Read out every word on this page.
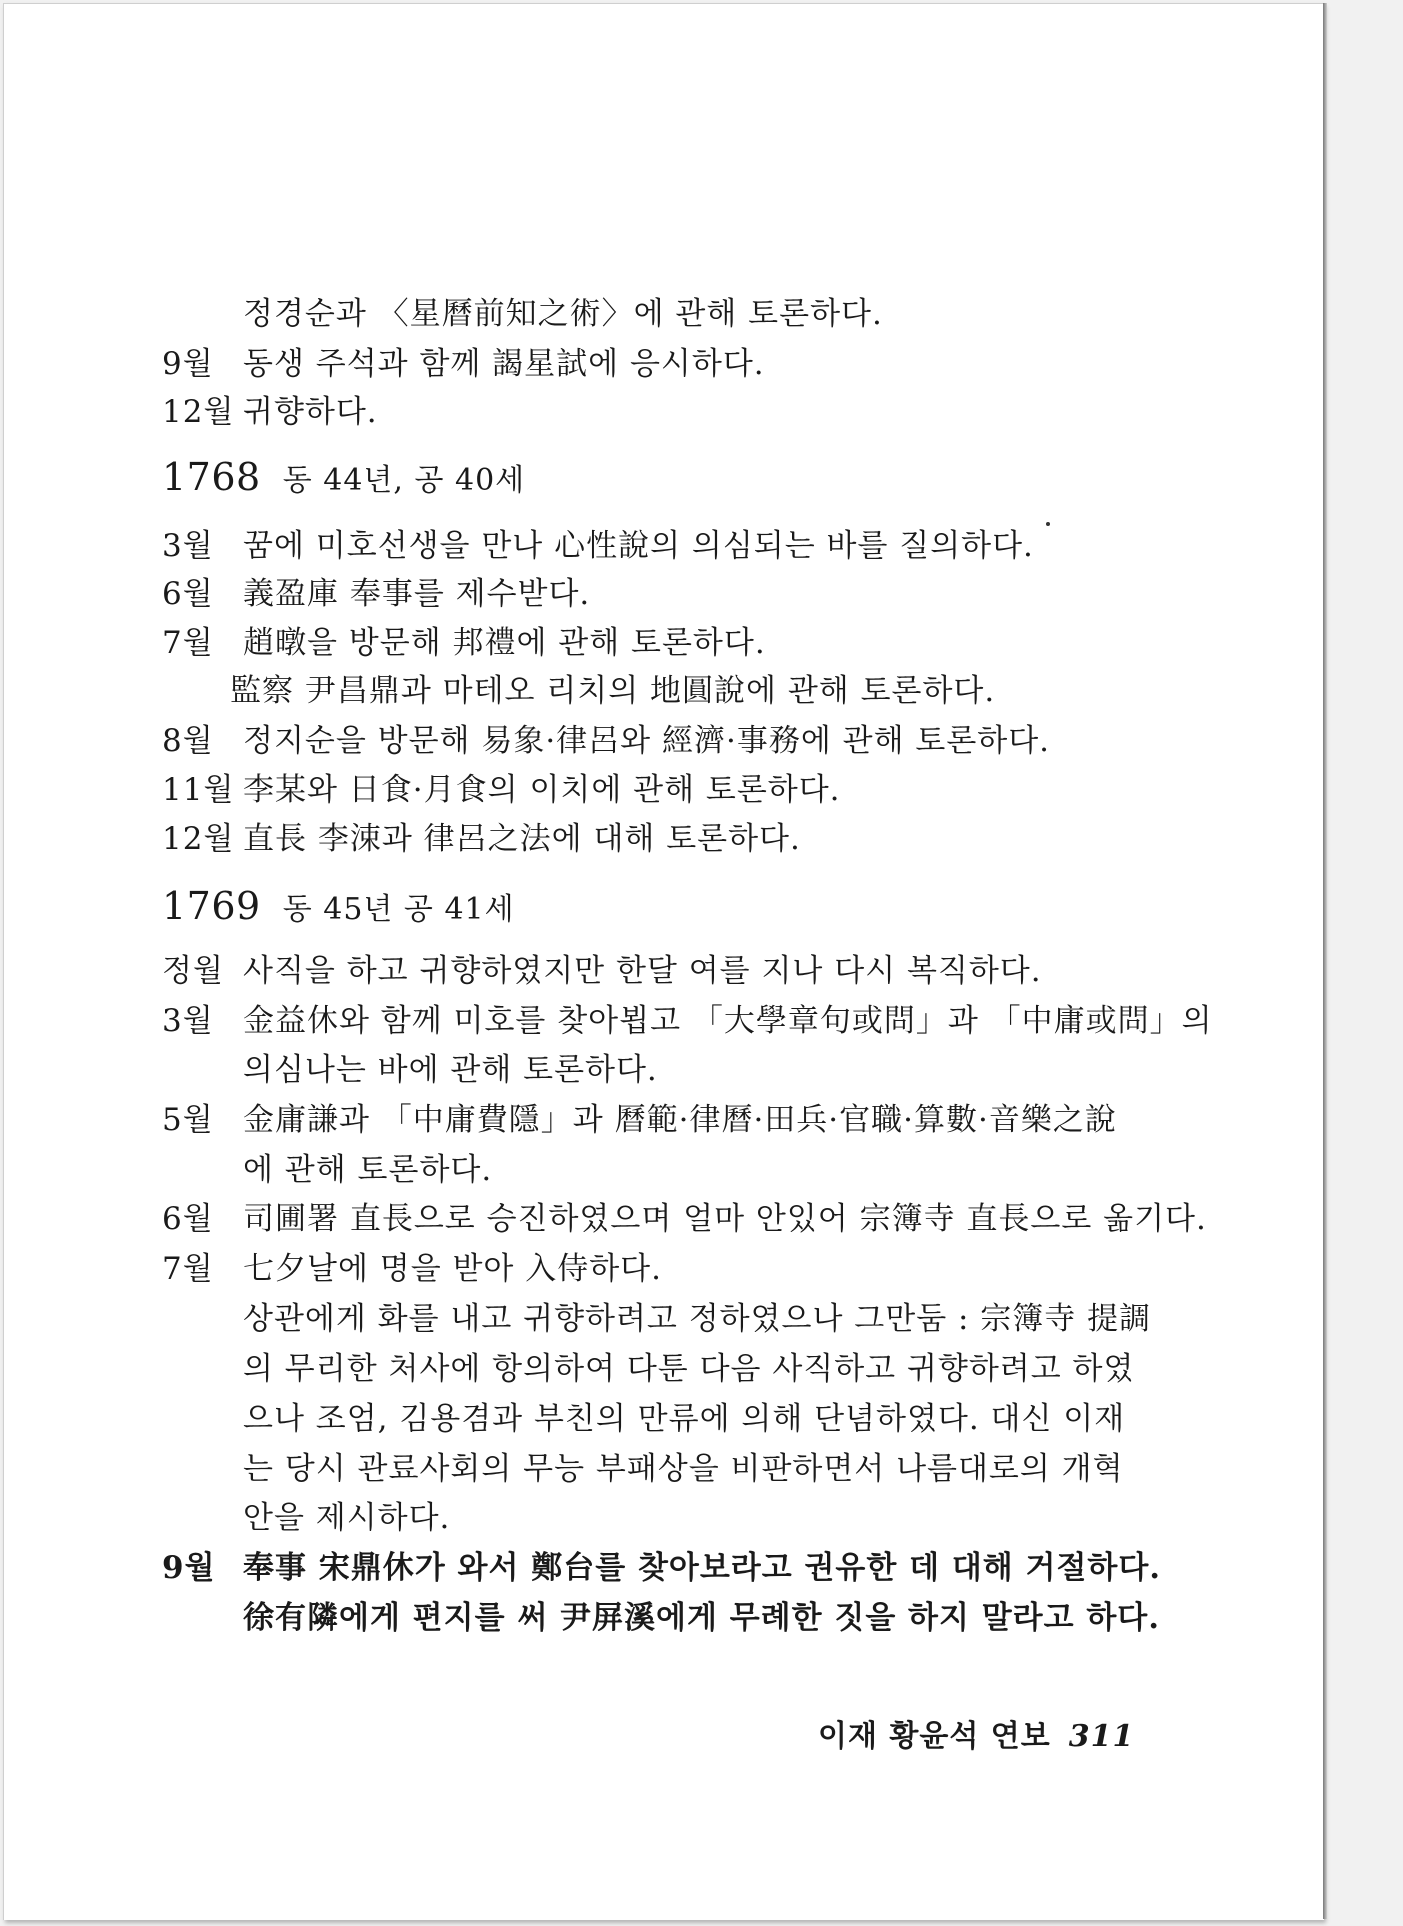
정경순과 〈星曆前知之術〉에 관해 토론하다.
9월 동생 주석과 함께 謁星試에 응시하다.
12월 귀향하다.
1768 동 44년, 공 40세
3월 꿈에 미호선생을 만나 心性說의 의심되는 바를 질의하다.
6월 義盈庫 奉事를 제수받다.
7월 趙暾을 방문해 邦禮에 관해 토론하다.
監察 尹昌鼎과 마테오 리치의 地圓說에 관해 토론하다.
8월 정지순을 방문해 易象·律呂와 經濟·事務에 관해 토론하다.
11월 李某와 日食·月食의 이치에 관해 토론하다.
12월 直長 李涑과 律呂之法에 대해 토론하다.
1769 동 45년 공 41세
정월 사직을 하고 귀향하였지만 한달 여를 지나 다시 복직하다.
3월 金益休와 함께 미호를 찾아뵙고 「大學章句或問」과 「中庸或問」의
의심나는 바에 관해 토론하다.
5월 金庸謙과 「中庸費隱」과 曆範·律曆·田兵·官職·算數·音樂之說
에 관해 토론하다.
6월 司圃署 直長으로 승진하였으며 얼마 안있어 宗簿寺 直長으로 옮기다.
7월 七夕날에 명을 받아 入侍하다.
상관에게 화를 내고 귀향하려고 정하였으나 그만둠 : 宗簿寺 提調
의 무리한 처사에 항의하여 다툰 다음 사직하고 귀향하려고 하였
으나 조엄, 김용겸과 부친의 만류에 의해 단념하였다. 대신 이재
는 당시 관료사회의 무능 부패상을 비판하면서 나름대로의 개혁
안을 제시하다.
9월 奉事 宋鼎休가 와서 鄭台를 찾아보라고 권유한 데 대해 거절하다.
徐有隣에게 편지를 써 尹屏溪에게 무례한 짓을 하지 말라고 하다.
이재 황윤석 연보 311
